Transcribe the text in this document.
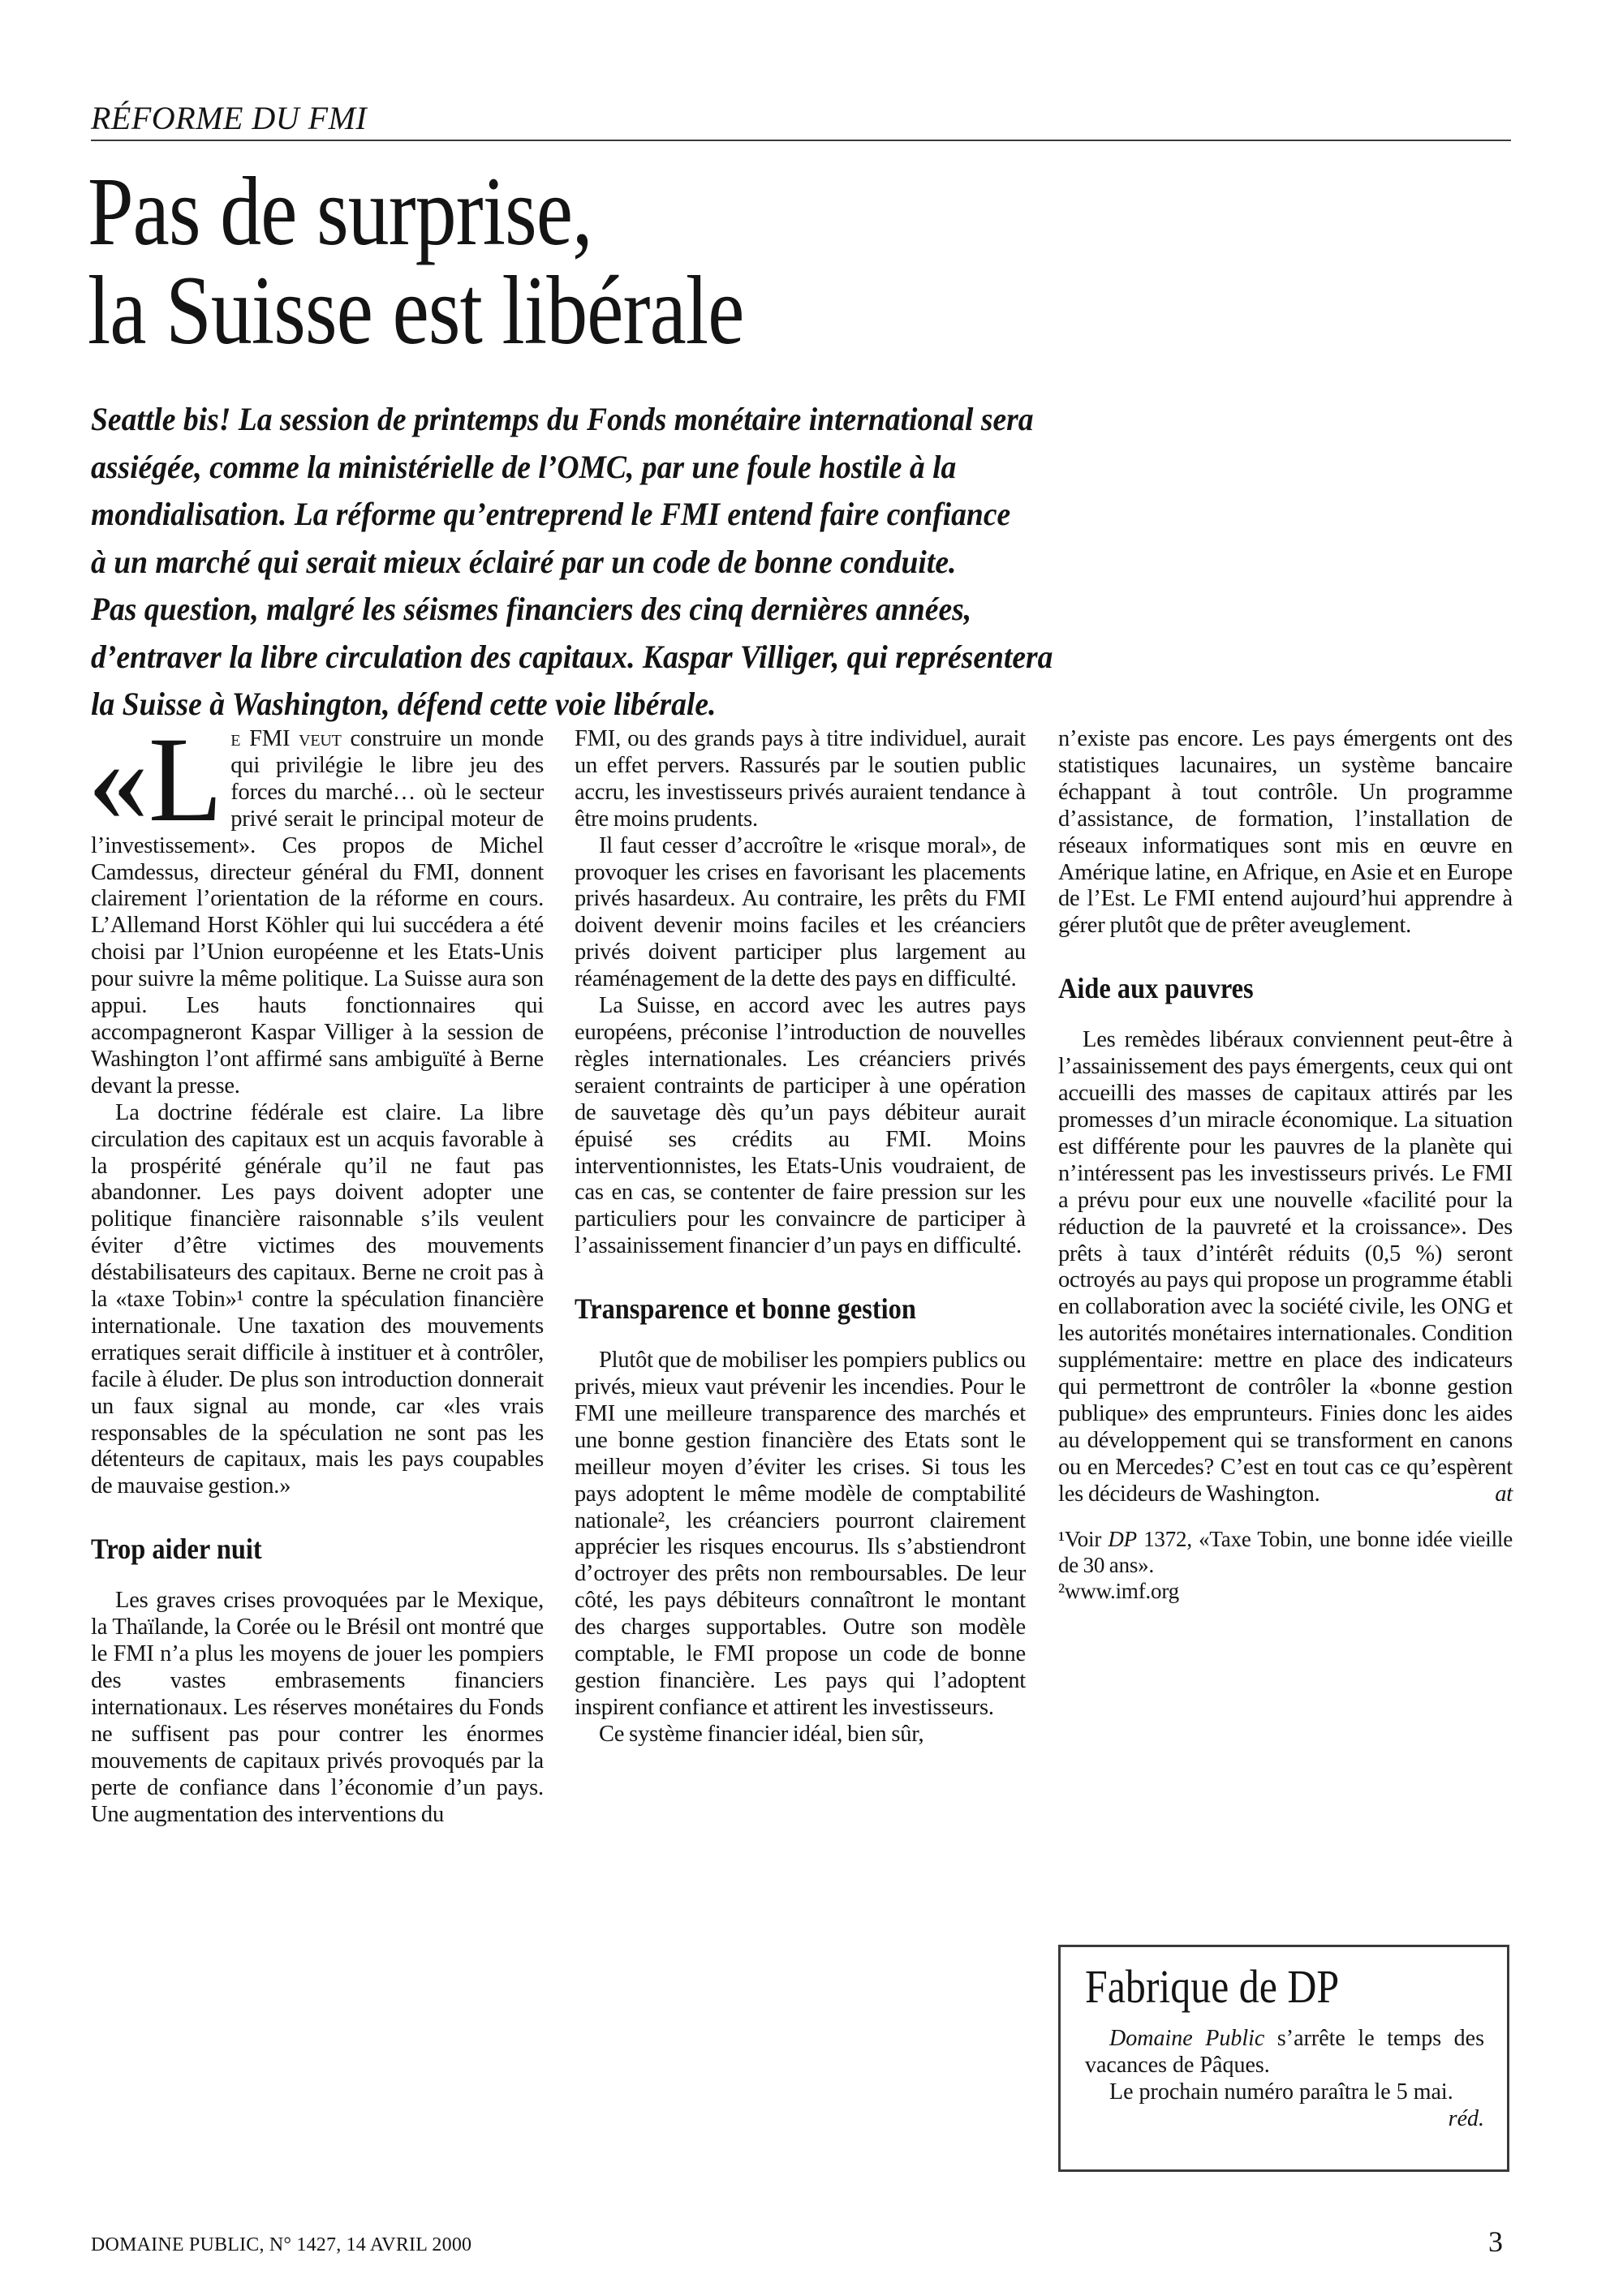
RÉFORME DU FMI
Pas de surprise,
la Suisse est libérale
Seattle bis! La session de printemps du Fonds monétaire international sera
assiégée, comme la ministérielle de l’OMC, par une foule hostile à la
mondialisation. La réforme qu’entreprend le FMI entend faire confiance
à un marché qui serait mieux éclairé par un code de bonne conduite.
Pas question, malgré les séismes financiers des cinq dernières années,
d’entraver la libre circulation des capitaux. Kaspar Villiger, qui représentera
la Suisse à Washington, défend cette voie libérale.

«Le FMI veut construire un monde qui privilégie le libre jeu des forces du marché… où le secteur privé serait le principal moteur de l’investissement». Ces propos de Michel Camdessus, directeur général du FMI, donnent clairement l’orientation de la réforme en cours. L’Allemand Horst Köhler qui lui succédera a été choisi par l’Union européenne et les Etats-Unis pour suivre la même politique. La Suisse aura son appui. Les hauts fonctionnaires qui accompagneront Kaspar Villiger à la session de Washington l’ont affirmé sans ambiguïté à Berne devant la presse.

La doctrine fédérale est claire. La libre circulation des capitaux est un acquis favorable à la prospérité générale qu’il ne faut pas abandonner. Les pays doivent adopter une politique financière raisonnable s’ils veulent éviter d’être victimes des mouvements déstabilisateurs des capitaux. Berne ne croit pas à la «taxe Tobin»¹ contre la spéculation financière internationale. Une taxation des mouvements erratiques serait difficile à instituer et à contrôler, facile à éluder. De plus son introduction donnerait un faux signal au monde, car «les vrais responsables de la spéculation ne sont pas les détenteurs de capitaux, mais les pays coupables de mauvaise gestion.»

Trop aider nuit

Les graves crises provoquées par le Mexique, la Thaïlande, la Corée ou le Brésil ont montré que le FMI n’a plus les moyens de jouer les pompiers des vastes embrasements financiers internationaux. Les réserves monétaires du Fonds ne suffisent pas pour contrer les énormes mouvements de capitaux privés provoqués par la perte de confiance dans l’économie d’un pays. Une augmentation des interventions du

FMI, ou des grands pays à titre individuel, aurait un effet pervers. Rassurés par le soutien public accru, les investisseurs privés auraient tendance à être moins prudents.

Il faut cesser d’accroître le «risque moral», de provoquer les crises en favorisant les placements privés hasardeux. Au contraire, les prêts du FMI doivent devenir moins faciles et les créanciers privés doivent participer plus largement au réaménagement de la dette des pays en difficulté.

La Suisse, en accord avec les autres pays européens, préconise l’introduction de nouvelles règles internationales. Les créanciers privés seraient contraints de participer à une opération de sauvetage dès qu’un pays débiteur aurait épuisé ses crédits au FMI. Moins interventionnistes, les Etats-Unis voudraient, de cas en cas, se contenter de faire pression sur les particuliers pour les convaincre de participer à l’assainissement financier d’un pays en difficulté.

Transparence et bonne gestion

Plutôt que de mobiliser les pompiers publics ou privés, mieux vaut prévenir les incendies. Pour le FMI une meilleure transparence des marchés et une bonne gestion financière des Etats sont le meilleur moyen d’éviter les crises. Si tous les pays adoptent le même modèle de comptabilité nationale², les créanciers pourront clairement apprécier les risques encourus. Ils s’abstiendront d’octroyer des prêts non remboursables. De leur côté, les pays débiteurs connaîtront le montant des charges supportables. Outre son modèle comptable, le FMI propose un code de bonne gestion financière. Les pays qui l’adoptent inspirent confiance et attirent les investisseurs.

Ce système financier idéal, bien sûr,

n’existe pas encore. Les pays émergents ont des statistiques lacunaires, un système bancaire échappant à tout contrôle. Un programme d’assistance, de formation, l’installation de réseaux informatiques sont mis en œuvre en Amérique latine, en Afrique, en Asie et en Europe de l’Est. Le FMI entend aujourd’hui apprendre à gérer plutôt que de prêter aveuglement.

Aide aux pauvres

Les remèdes libéraux conviennent peut-être à l’assainissement des pays émergents, ceux qui ont accueilli des masses de capitaux attirés par les promesses d’un miracle économique. La situation est différente pour les pauvres de la planète qui n’intéressent pas les investisseurs privés. Le FMI a prévu pour eux une nouvelle «facilité pour la réduction de la pauvreté et la croissance». Des prêts à taux d’intérêt réduits (0,5 %) seront octroyés au pays qui propose un programme établi en collaboration avec la société civile, les ONG et les autorités monétaires internationales. Condition supplémentaire: mettre en place des indicateurs qui permettront de contrôler la «bonne gestion publique» des emprunteurs. Finies donc les aides au développement qui se transforment en canons ou en Mercedes? C’est en tout cas ce qu’espèrent les décideurs de Washington.	at

¹Voir DP 1372, «Taxe Tobin, une bonne idée vieille de 30 ans».

²www.imf.org

Fabrique de DP

Domaine Public s’arrête le temps des vacances de Pâques.

Le prochain numéro paraîtra le 5 mai.
réd.

DOMAINE PUBLIC, N° 1427, 14 AVRIL 2000	3
